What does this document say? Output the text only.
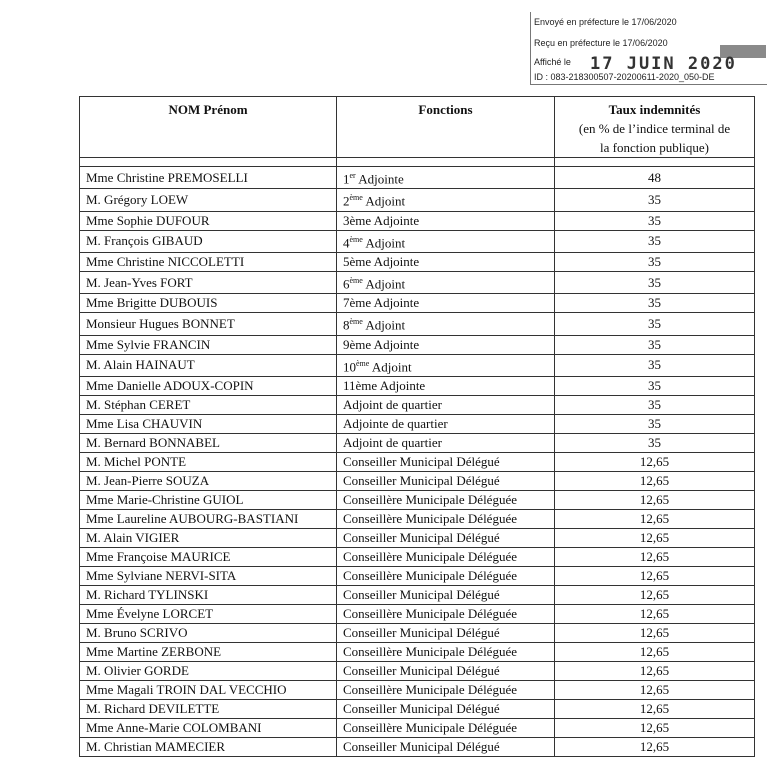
Envoyé en préfecture le 17/06/2020
Reçu en préfecture le 17/06/2020
Affiché le 17 JUIN 2020
ID : 083-218300507-20200611-2020_050-DE
NOM Prénom	Fonctions	Taux indemnités
(en % de l’indice terminal de
la fonction publique)

Mme Christine PREMOSELLI	1er Adjointe	48
M. Grégory LOEW	2ème Adjoint	35
Mme Sophie DUFOUR	3ème Adjointe	35
M. François GIBAUD	4ème Adjoint	35
Mme Christine NICCOLETTI	5ème Adjointe	35
M. Jean-Yves FORT	6ème Adjoint	35
Mme Brigitte DUBOUIS	7ème Adjointe	35
Monsieur Hugues BONNET	8ème Adjoint	35
Mme Sylvie FRANCIN	9ème Adjointe	35
M. Alain HAINAUT	10ème Adjoint	35
Mme Danielle ADOUX-COPIN	11ème Adjointe	35
M. Stéphan CERET	Adjoint de quartier	35
Mme Lisa CHAUVIN	Adjointe de quartier	35
M. Bernard BONNABEL	Adjoint de quartier	35
M. Michel PONTE	Conseiller Municipal Délégué	12,65
M. Jean-Pierre SOUZA	Conseiller Municipal Délégué	12,65
Mme Marie-Christine GUIOL	Conseillère Municipale Déléguée	12,65
Mme Laureline AUBOURG-BASTIANI	Conseillère Municipale Déléguée	12,65
M. Alain VIGIER	Conseiller Municipal Délégué	12,65
Mme Françoise MAURICE	Conseillère Municipale Déléguée	12,65
Mme Sylviane NERVI-SITA	Conseillère Municipale Déléguée	12,65
M. Richard TYLINSKI	Conseiller Municipal Délégué	12,65
Mme Évelyne LORCET	Conseillère Municipale Déléguée	12,65
M. Bruno SCRIVO	Conseiller Municipal Délégué	12,65
Mme Martine ZERBONE	Conseillère Municipale Déléguée	12,65
M. Olivier GORDE	Conseiller Municipal Délégué	12,65
Mme Magali TROIN DAL VECCHIO	Conseillère Municipale Déléguée	12,65
M. Richard DEVILETTE	Conseiller Municipal Délégué	12,65
Mme Anne-Marie COLOMBANI	Conseillère Municipale Déléguée	12,65
M. Christian MAMECIER	Conseiller Municipal Délégué	12,65
